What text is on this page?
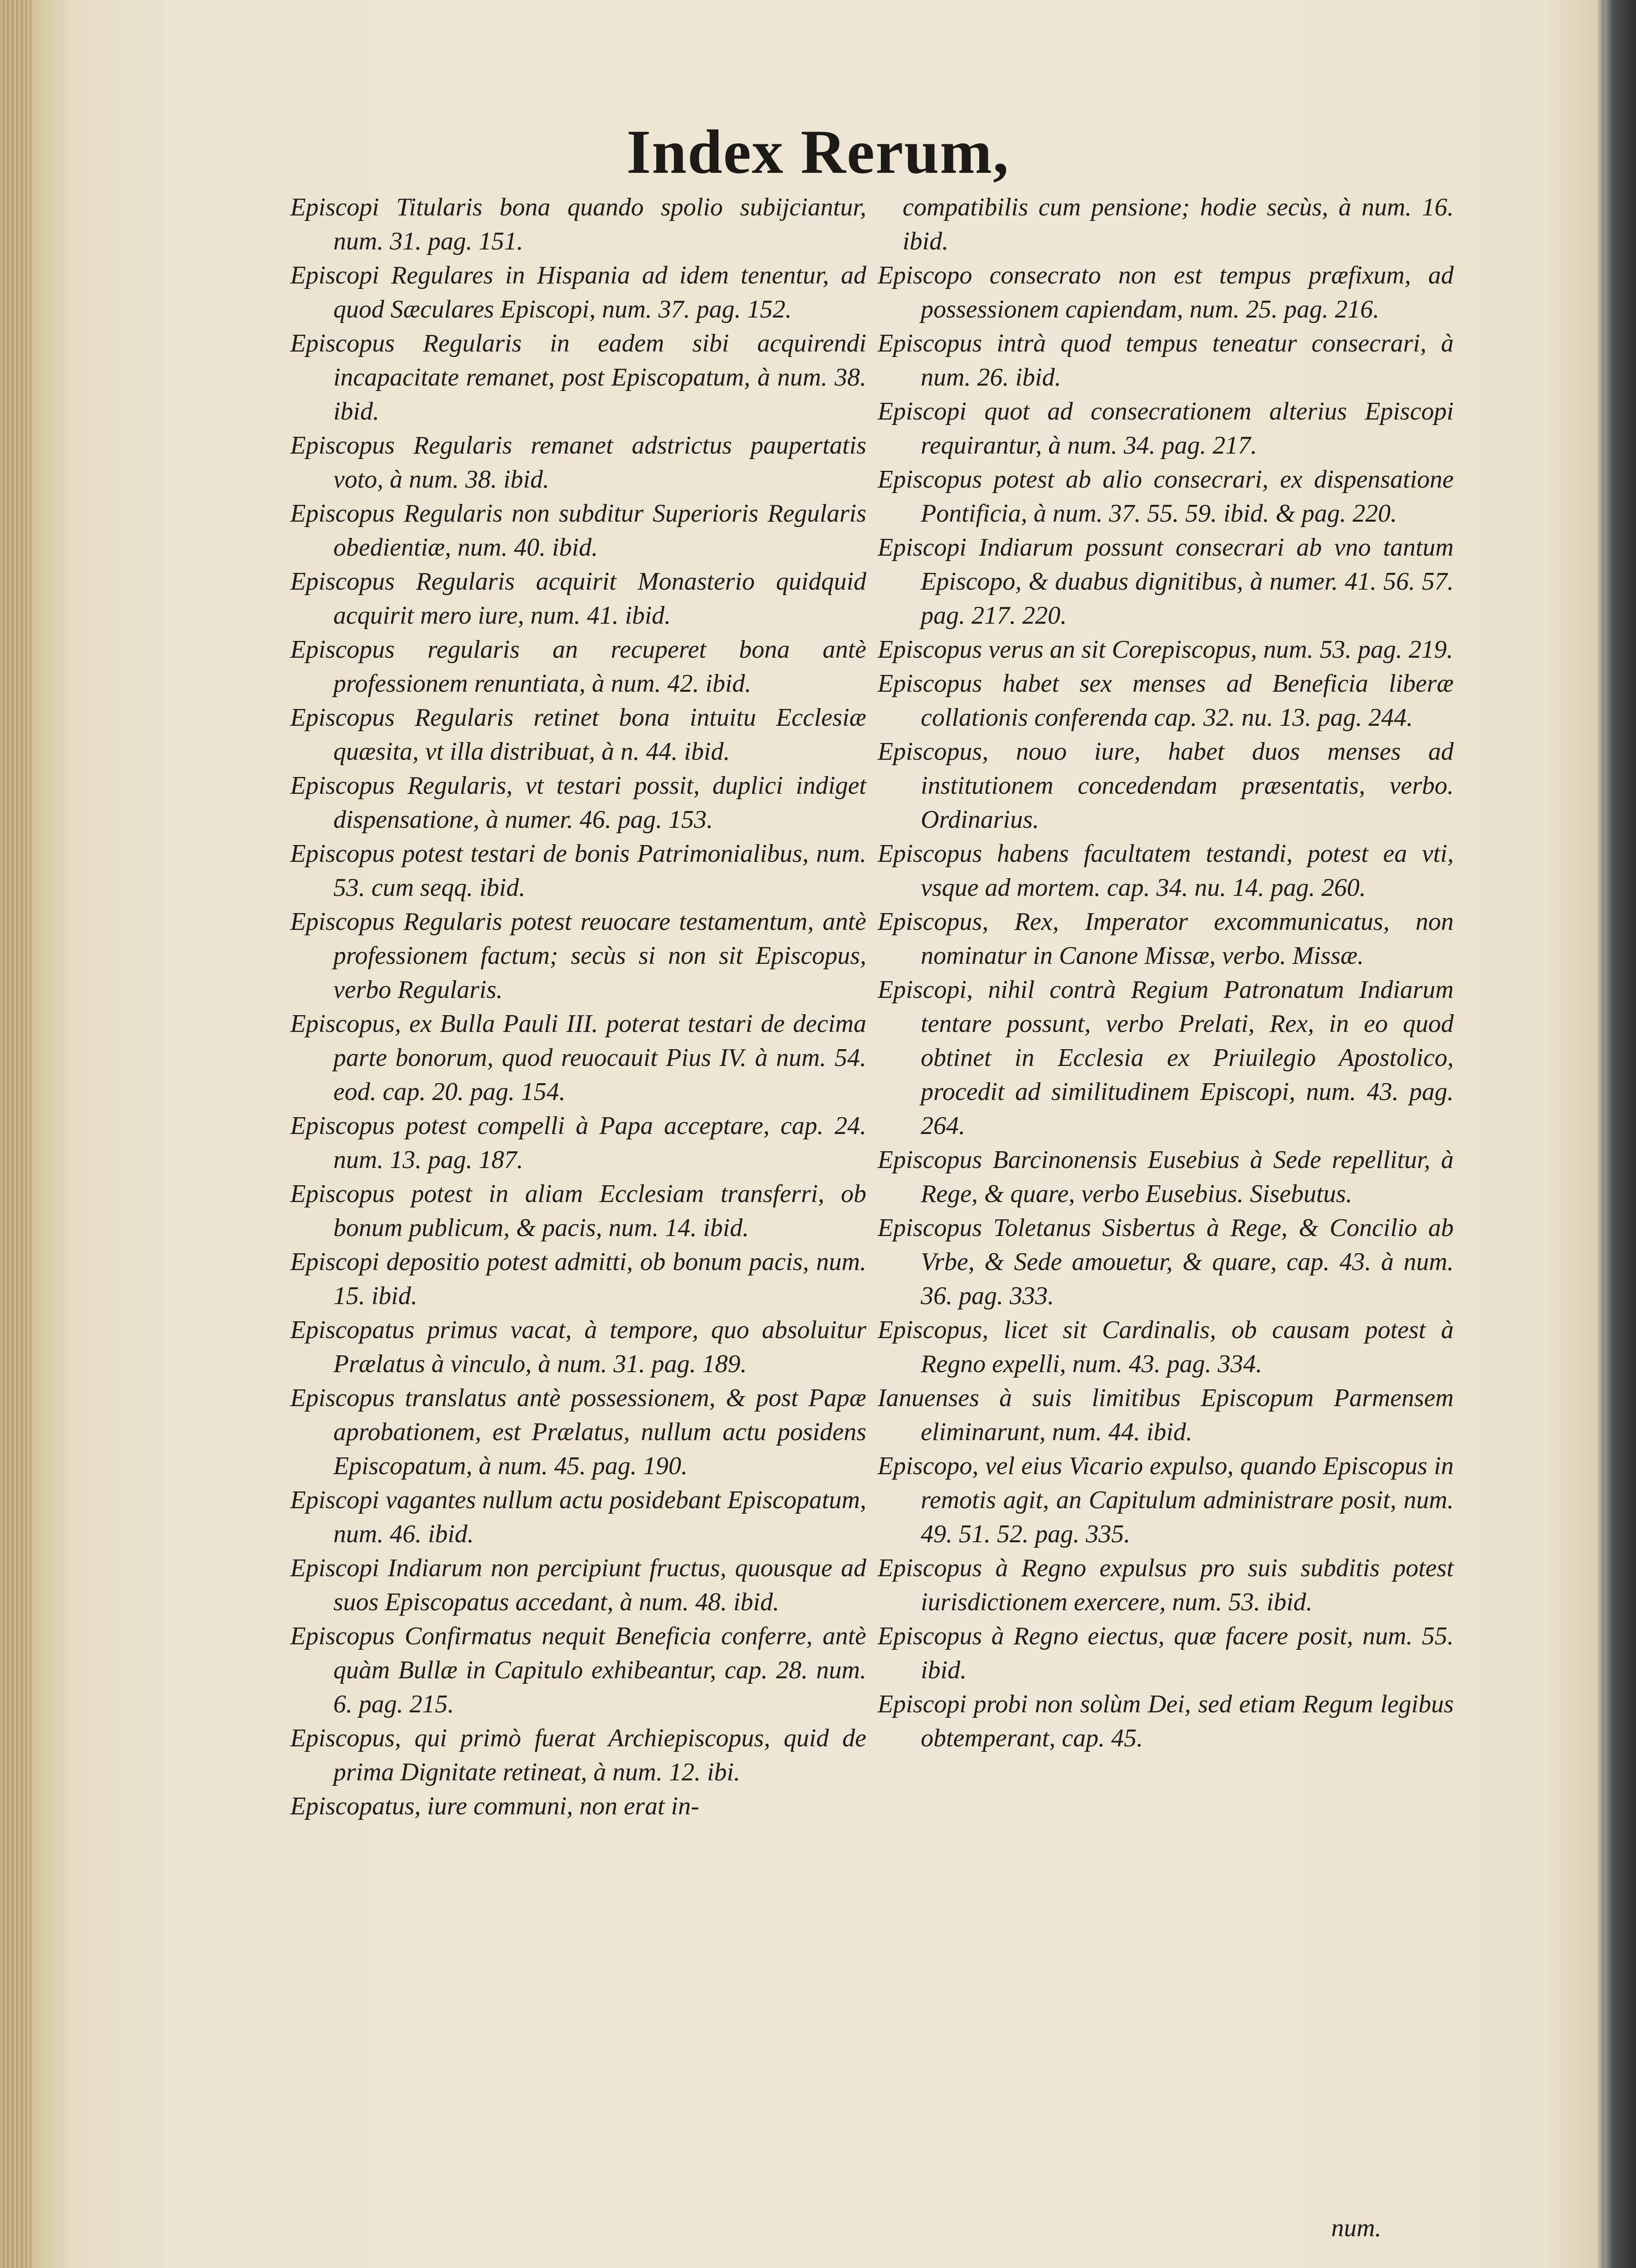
Index Rerum,

Episcopi Titularis bona quando spolio subijciantur, num. 31. pag. 151.

Episcopi Regulares in Hispania ad idem tenentur, ad quod Sæculares Episcopi, num. 37. pag. 152.

Episcopus Regularis in eadem sibi acquirendi incapacitate remanet, post Episcopatum, à num. 38. ibid.

Episcopus Regularis remanet adstrictus paupertatis voto, à num. 38. ibid.

Episcopus Regularis non subditur Superioris Regularis obedientiæ, num. 40. ibid.

Episcopus Regularis acquirit Monasterio quidquid acquirit mero iure, num. 41. ibid.

Episcopus regularis an recuperet bona antè professionem renuntiata, à num. 42. ibid.

Episcopus Regularis retinet bona intuitu Ecclesiæ quæsita, vt illa distribuat, à n. 44. ibid.

Episcopus Regularis, vt testari possit, duplici indiget dispensatione, à numer. 46. pag. 153.

Episcopus potest testari de bonis Patrimonialibus, num. 53. cum seqq. ibid.

Episcopus Regularis potest reuocare testamentum, antè professionem factum; secùs si non sit Episcopus, verbo Regularis.

Episcopus, ex Bulla Pauli III. poterat testari de decima parte bonorum, quod reuocauit Pius IV. à num. 54. eod. cap. 20. pag. 154.

Episcopus potest compelli à Papa acceptare, cap. 24. num. 13. pag. 187.

Episcopus potest in aliam Ecclesiam transferri, ob bonum publicum, & pacis, num. 14. ibid.

Episcopi depositio potest admitti, ob bonum pacis, num. 15. ibid.

Episcopatus primus vacat, à tempore, quo absoluitur Prælatus à vinculo, à num. 31. pag. 189.

Episcopus translatus antè possessionem, & post Papæ aprobationem, est Prælatus, nullum actu posidens Episcopatum, à num. 45. pag. 190.

Episcopi vagantes nullum actu posidebant Episcopatum, num. 46. ibid.

Episcopi Indiarum non percipiunt fructus, quousque ad suos Episcopatus accedant, à num. 48. ibid.

Episcopus Confirmatus nequit Beneficia conferre, antè quàm Bullæ in Capitulo exhibeantur, cap. 28. num. 6. pag. 215.

Episcopus, qui primò fuerat Archiepiscopus, quid de prima Dignitate retineat, à num. 12. ibi.

Episcopatus, iure communi, non erat in-

compatibilis cum pensione; hodie secùs, à num. 16. ibid.

Episcopo consecrato non est tempus præfixum, ad possessionem capiendam, num. 25. pag. 216.

Episcopus intrà quod tempus teneatur consecrari, à num. 26. ibid.

Episcopi quot ad consecrationem alterius Episcopi requirantur, à num. 34. pag. 217.

Episcopus potest ab alio consecrari, ex dispensatione Pontificia, à num. 37. 55. 59. ibid. & pag. 220.

Episcopi Indiarum possunt consecrari ab vno tantum Episcopo, & duabus dignitibus, à numer. 41. 56. 57. pag. 217. 220.

Episcopus verus an sit Corepiscopus, num. 53. pag. 219.

Episcopus habet sex menses ad Beneficia liberæ collationis conferenda cap. 32. nu. 13. pag. 244.

Episcopus, nouo iure, habet duos menses ad institutionem concedendam præsentatis, verbo. Ordinarius.

Episcopus habens facultatem testandi, potest ea vti, vsque ad mortem. cap. 34. nu. 14. pag. 260.

Episcopus, Rex, Imperator excommunicatus, non nominatur in Canone Missæ, verbo. Missæ.

Episcopi, nihil contrà Regium Patronatum Indiarum tentare possunt, verbo Prelati, Rex, in eo quod obtinet in Ecclesia ex Priuilegio Apostolico, procedit ad similitudinem Episcopi, num. 43. pag. 264.

Episcopus Barcinonensis Eusebius à Sede repellitur, à Rege, & quare, verbo Eusebius. Sisebutus.

Episcopus Toletanus Sisbertus à Rege, & Concilio ab Vrbe, & Sede amouetur, & quare, cap. 43. à num. 36. pag. 333.

Episcopus, licet sit Cardinalis, ob causam potest à Regno expelli, num. 43. pag. 334.

Ianuenses à suis limitibus Episcopum Parmensem eliminarunt, num. 44. ibid.

Episcopo, vel eius Vicario expulso, quando Episcopus in remotis agit, an Capitulum administrare posit, num. 49. 51. 52. pag. 335.

Episcopus à Regno expulsus pro suis subditis potest iurisdictionem exercere, num. 53. ibid.

Episcopus à Regno eiectus, quæ facere posit, num. 55. ibid.

Episcopi probi non solùm Dei, sed etiam Regum legibus obtemperant, cap. 45.

num.
